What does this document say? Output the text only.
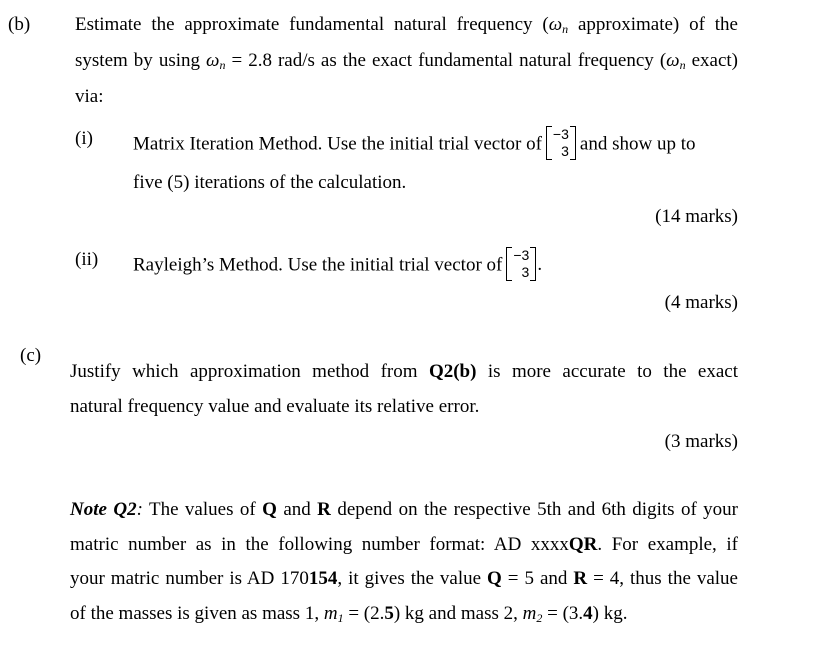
(b) Estimate the approximate fundamental natural frequency (ωn approximate) of the
system by using ωn = 2.8 rad/s as the exact fundamental natural frequency (ωn exact)
via:
(i) Matrix Iteration Method. Use the initial trial vector of −3
3 and show up to
five (5) iterations of the calculation.
(14 marks)
(ii) Rayleigh’s Method. Use the initial trial vector of −3
3 .
(4 marks)
(c)
Justify which approximation method from Q2(b) is more accurate to the exact
natural frequency value and evaluate its relative error.
(3 marks)
Note Q2: The values of Q and R depend on the respective 5th and 6th digits of your
matric number as in the following number format: AD xxxxQR. For example, if
your matric number is AD 170154, it gives the value Q = 5 and R = 4, thus the value
of the masses is given as mass 1, m1 = (2.5) kg and mass 2, m2 = (3.4) kg.
